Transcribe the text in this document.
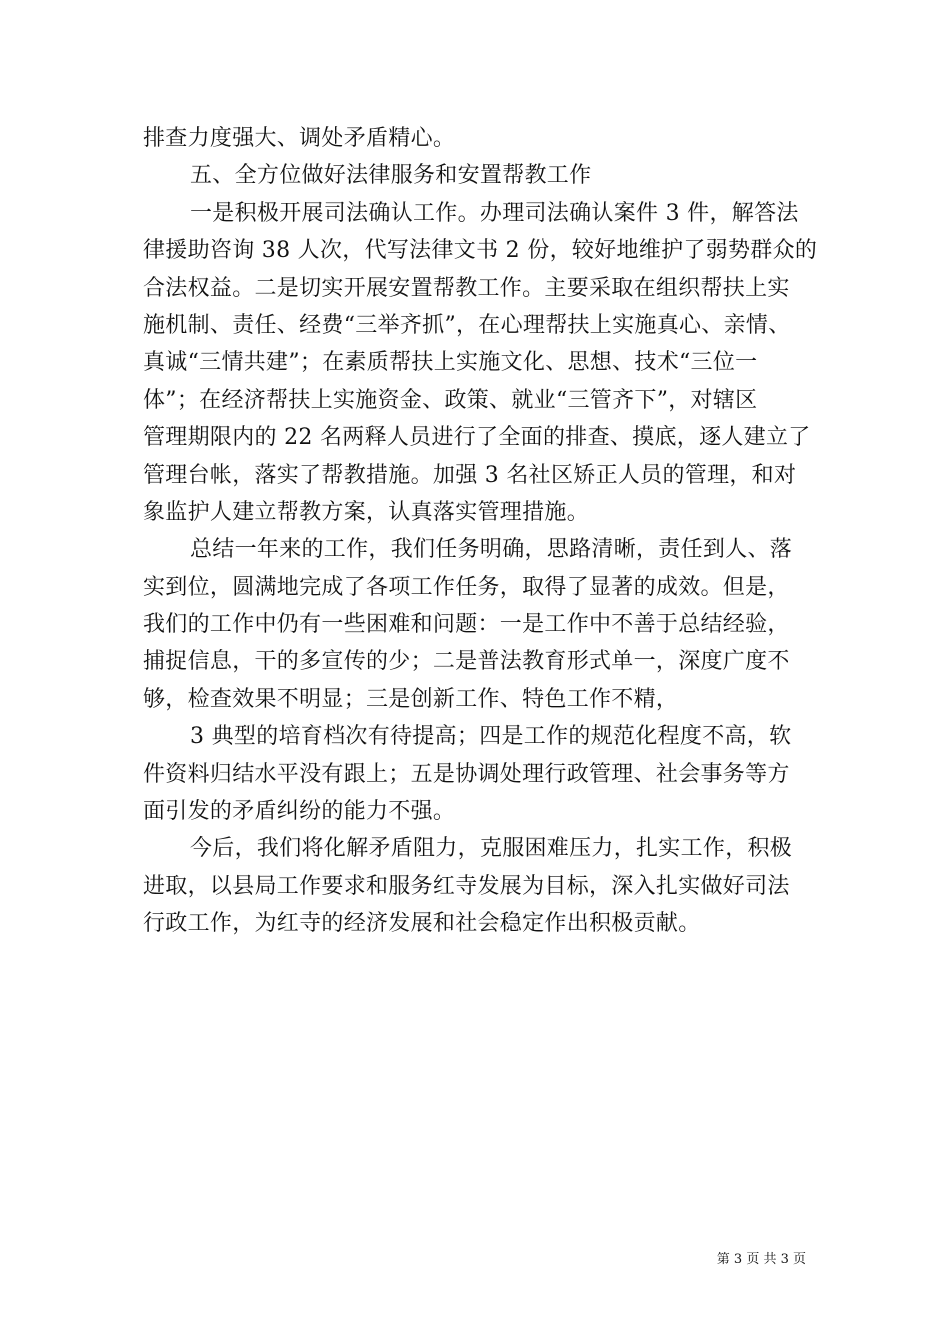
排查力度强大、调处矛盾精心。
五、全方位做好法律服务和安置帮教工作
一是积极开展司法确认工作。办理司法确认案件 3 件，解答法
律援助咨询 38 人次，代写法律文书 2 份，较好地维护了弱势群众的
合法权益。二是切实开展安置帮教工作。主要采取在组织帮扶上实
施机制、责任、经费“三举齐抓”，在心理帮扶上实施真心、亲情、
真诚“三情共建”；在素质帮扶上实施文化、思想、技术“三位一
体”；在经济帮扶上实施资金、政策、就业“三管齐下”，对辖区
管理期限内的 22 名两释人员进行了全面的排查、摸底，逐人建立了
管理台帐，落实了帮教措施。加强 3 名社区矫正人员的管理，和对
象监护人建立帮教方案，认真落实管理措施。
总结一年来的工作，我们任务明确，思路清晰，责任到人、落
实到位，圆满地完成了各项工作任务，取得了显著的成效。但是，
我们的工作中仍有一些困难和问题：一是工作中不善于总结经验，
捕捉信息，干的多宣传的少；二是普法教育形式单一，深度广度不
够，检查效果不明显；三是创新工作、特色工作不精，
3 典型的培育档次有待提高；四是工作的规范化程度不高，软
件资料归结水平没有跟上；五是协调处理行政管理、社会事务等方
面引发的矛盾纠纷的能力不强。
今后，我们将化解矛盾阻力，克服困难压力，扎实工作，积极
进取，以县局工作要求和服务红寺发展为目标，深入扎实做好司法
行政工作，为红寺的经济发展和社会稳定作出积极贡献。
第 3 页 共 3 页
